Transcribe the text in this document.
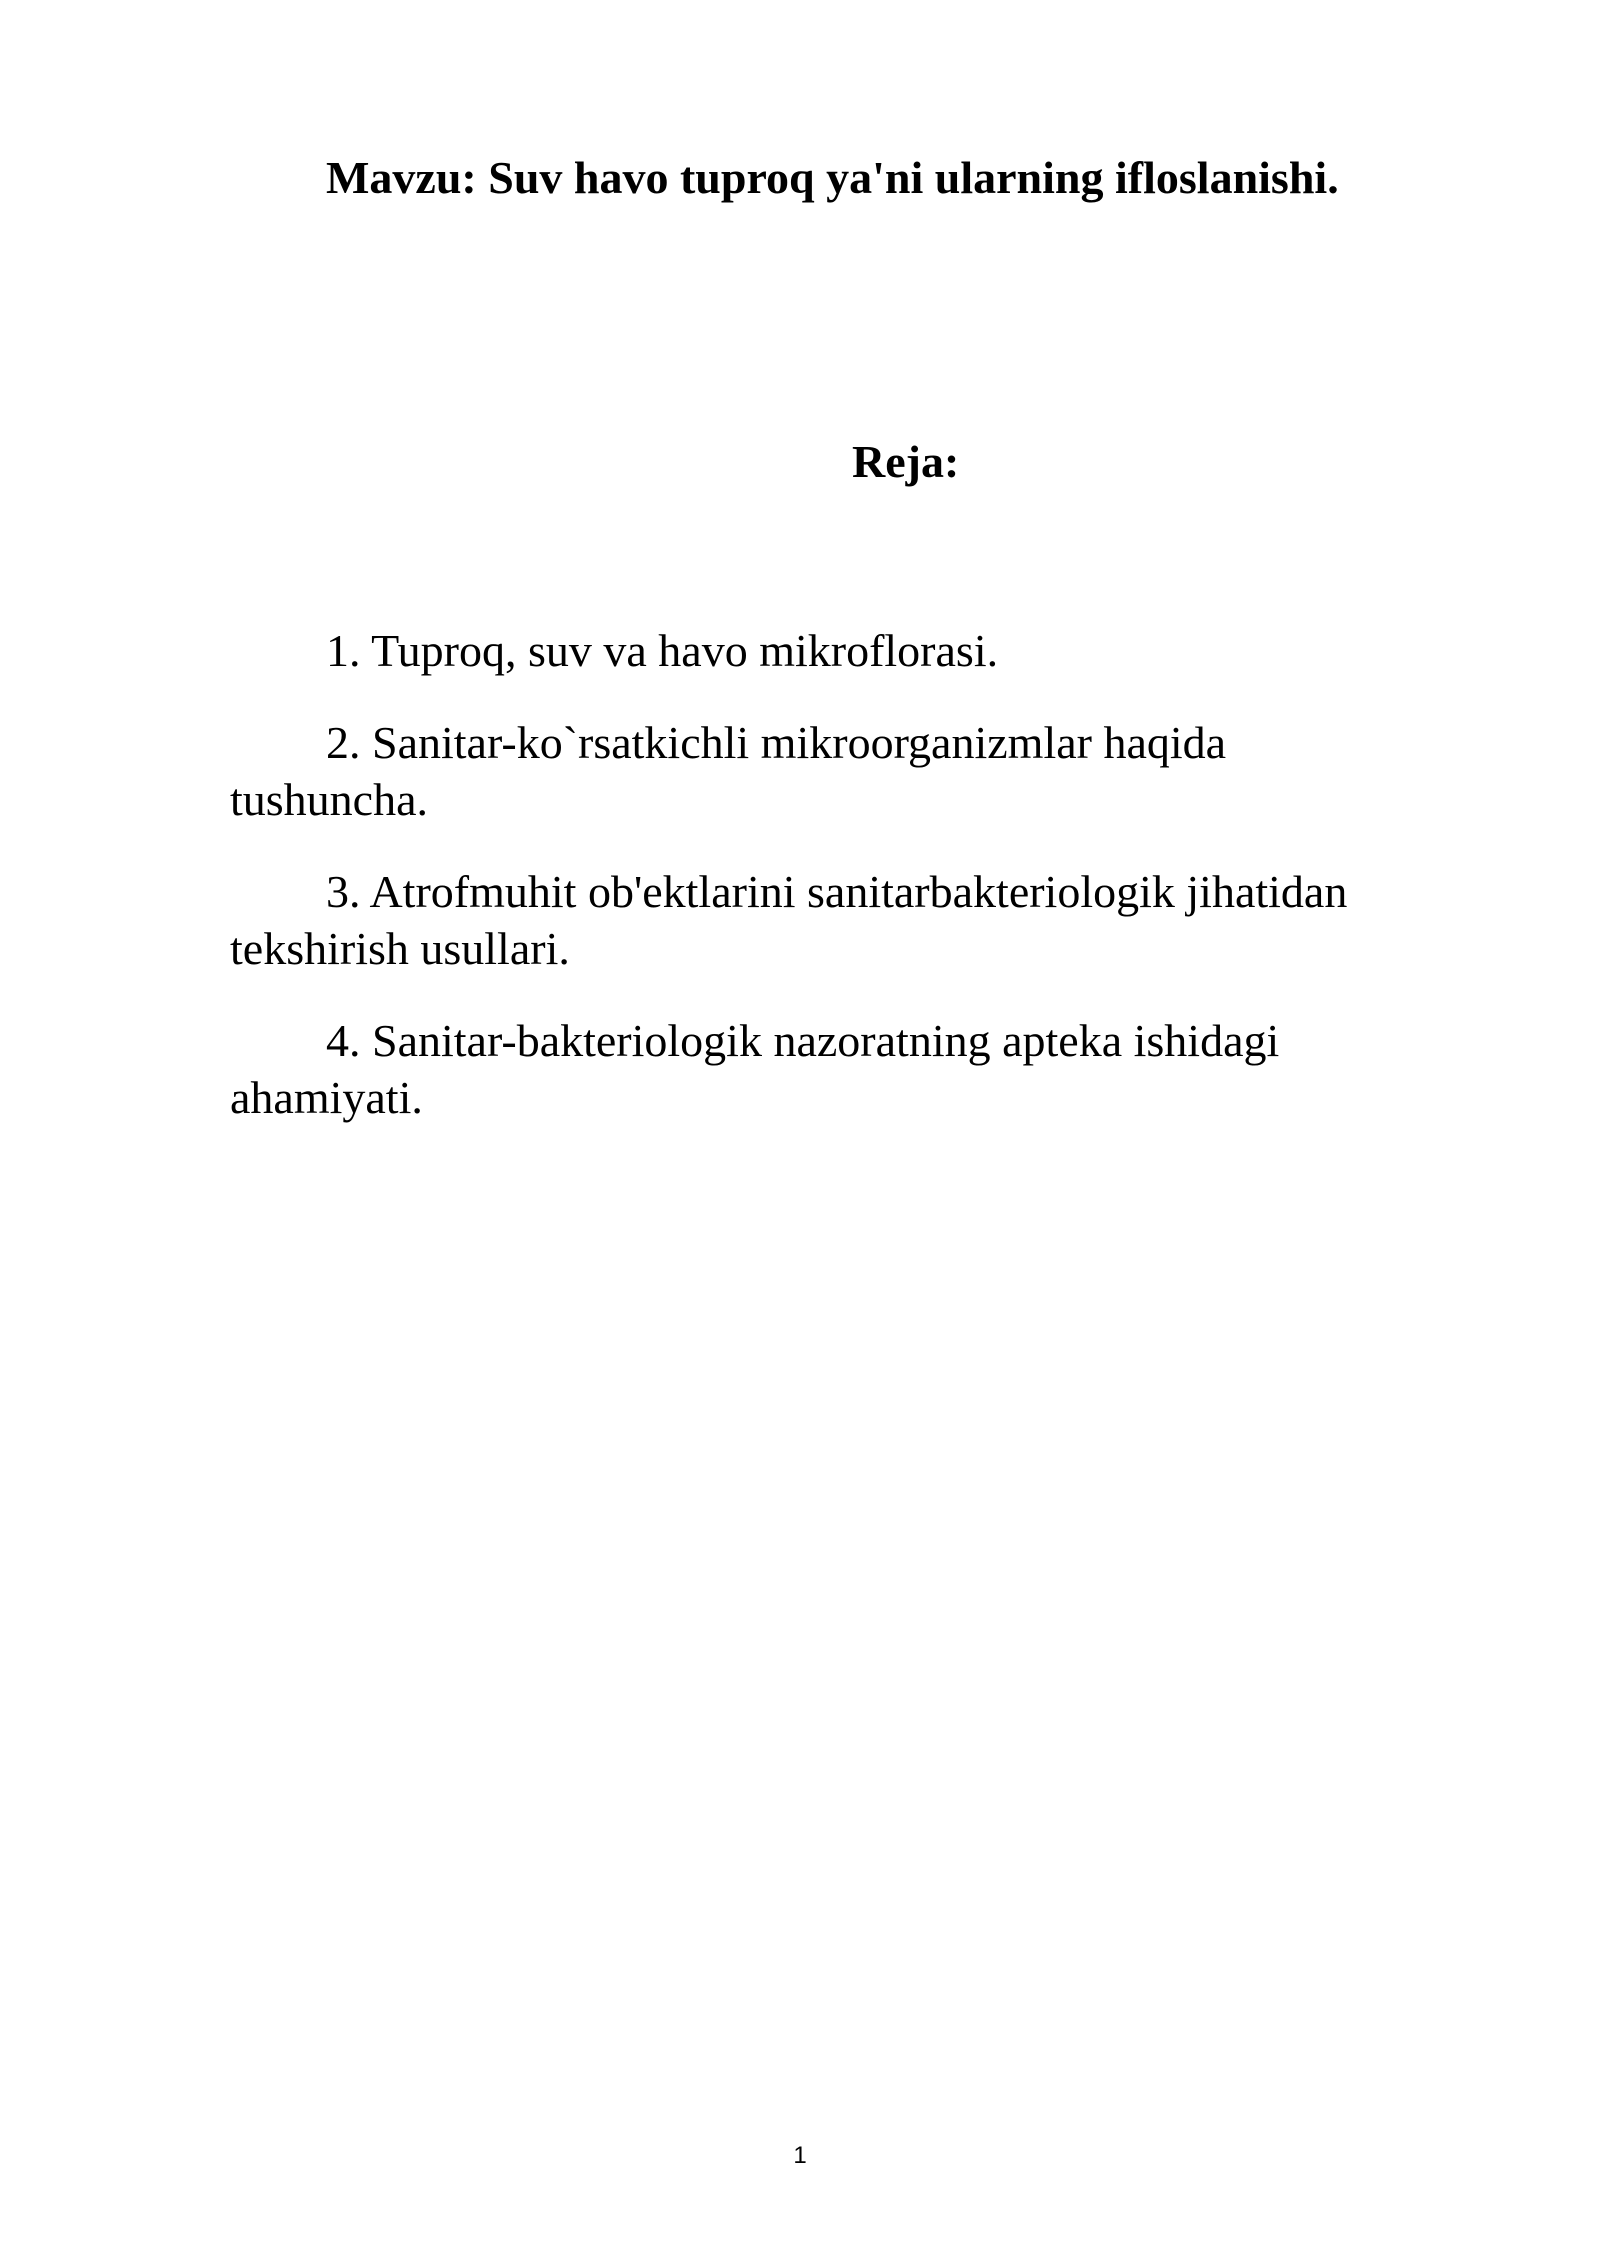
Mavzu: Suv havo tuproq ya'ni ularning ifloslanishi.
Reja:
1. Tuproq, suv va havo mikroflorasi.
2. Sanitar-ko`rsatkichli mikroorganizmlar haqida tushuncha.
3. Atrofmuhit ob'ektlarini sanitarbakteriologik jihatidan tekshirish usullari.
4. Sanitar-bakteriologik nazoratning apteka ishidagi ahamiyati.
1
